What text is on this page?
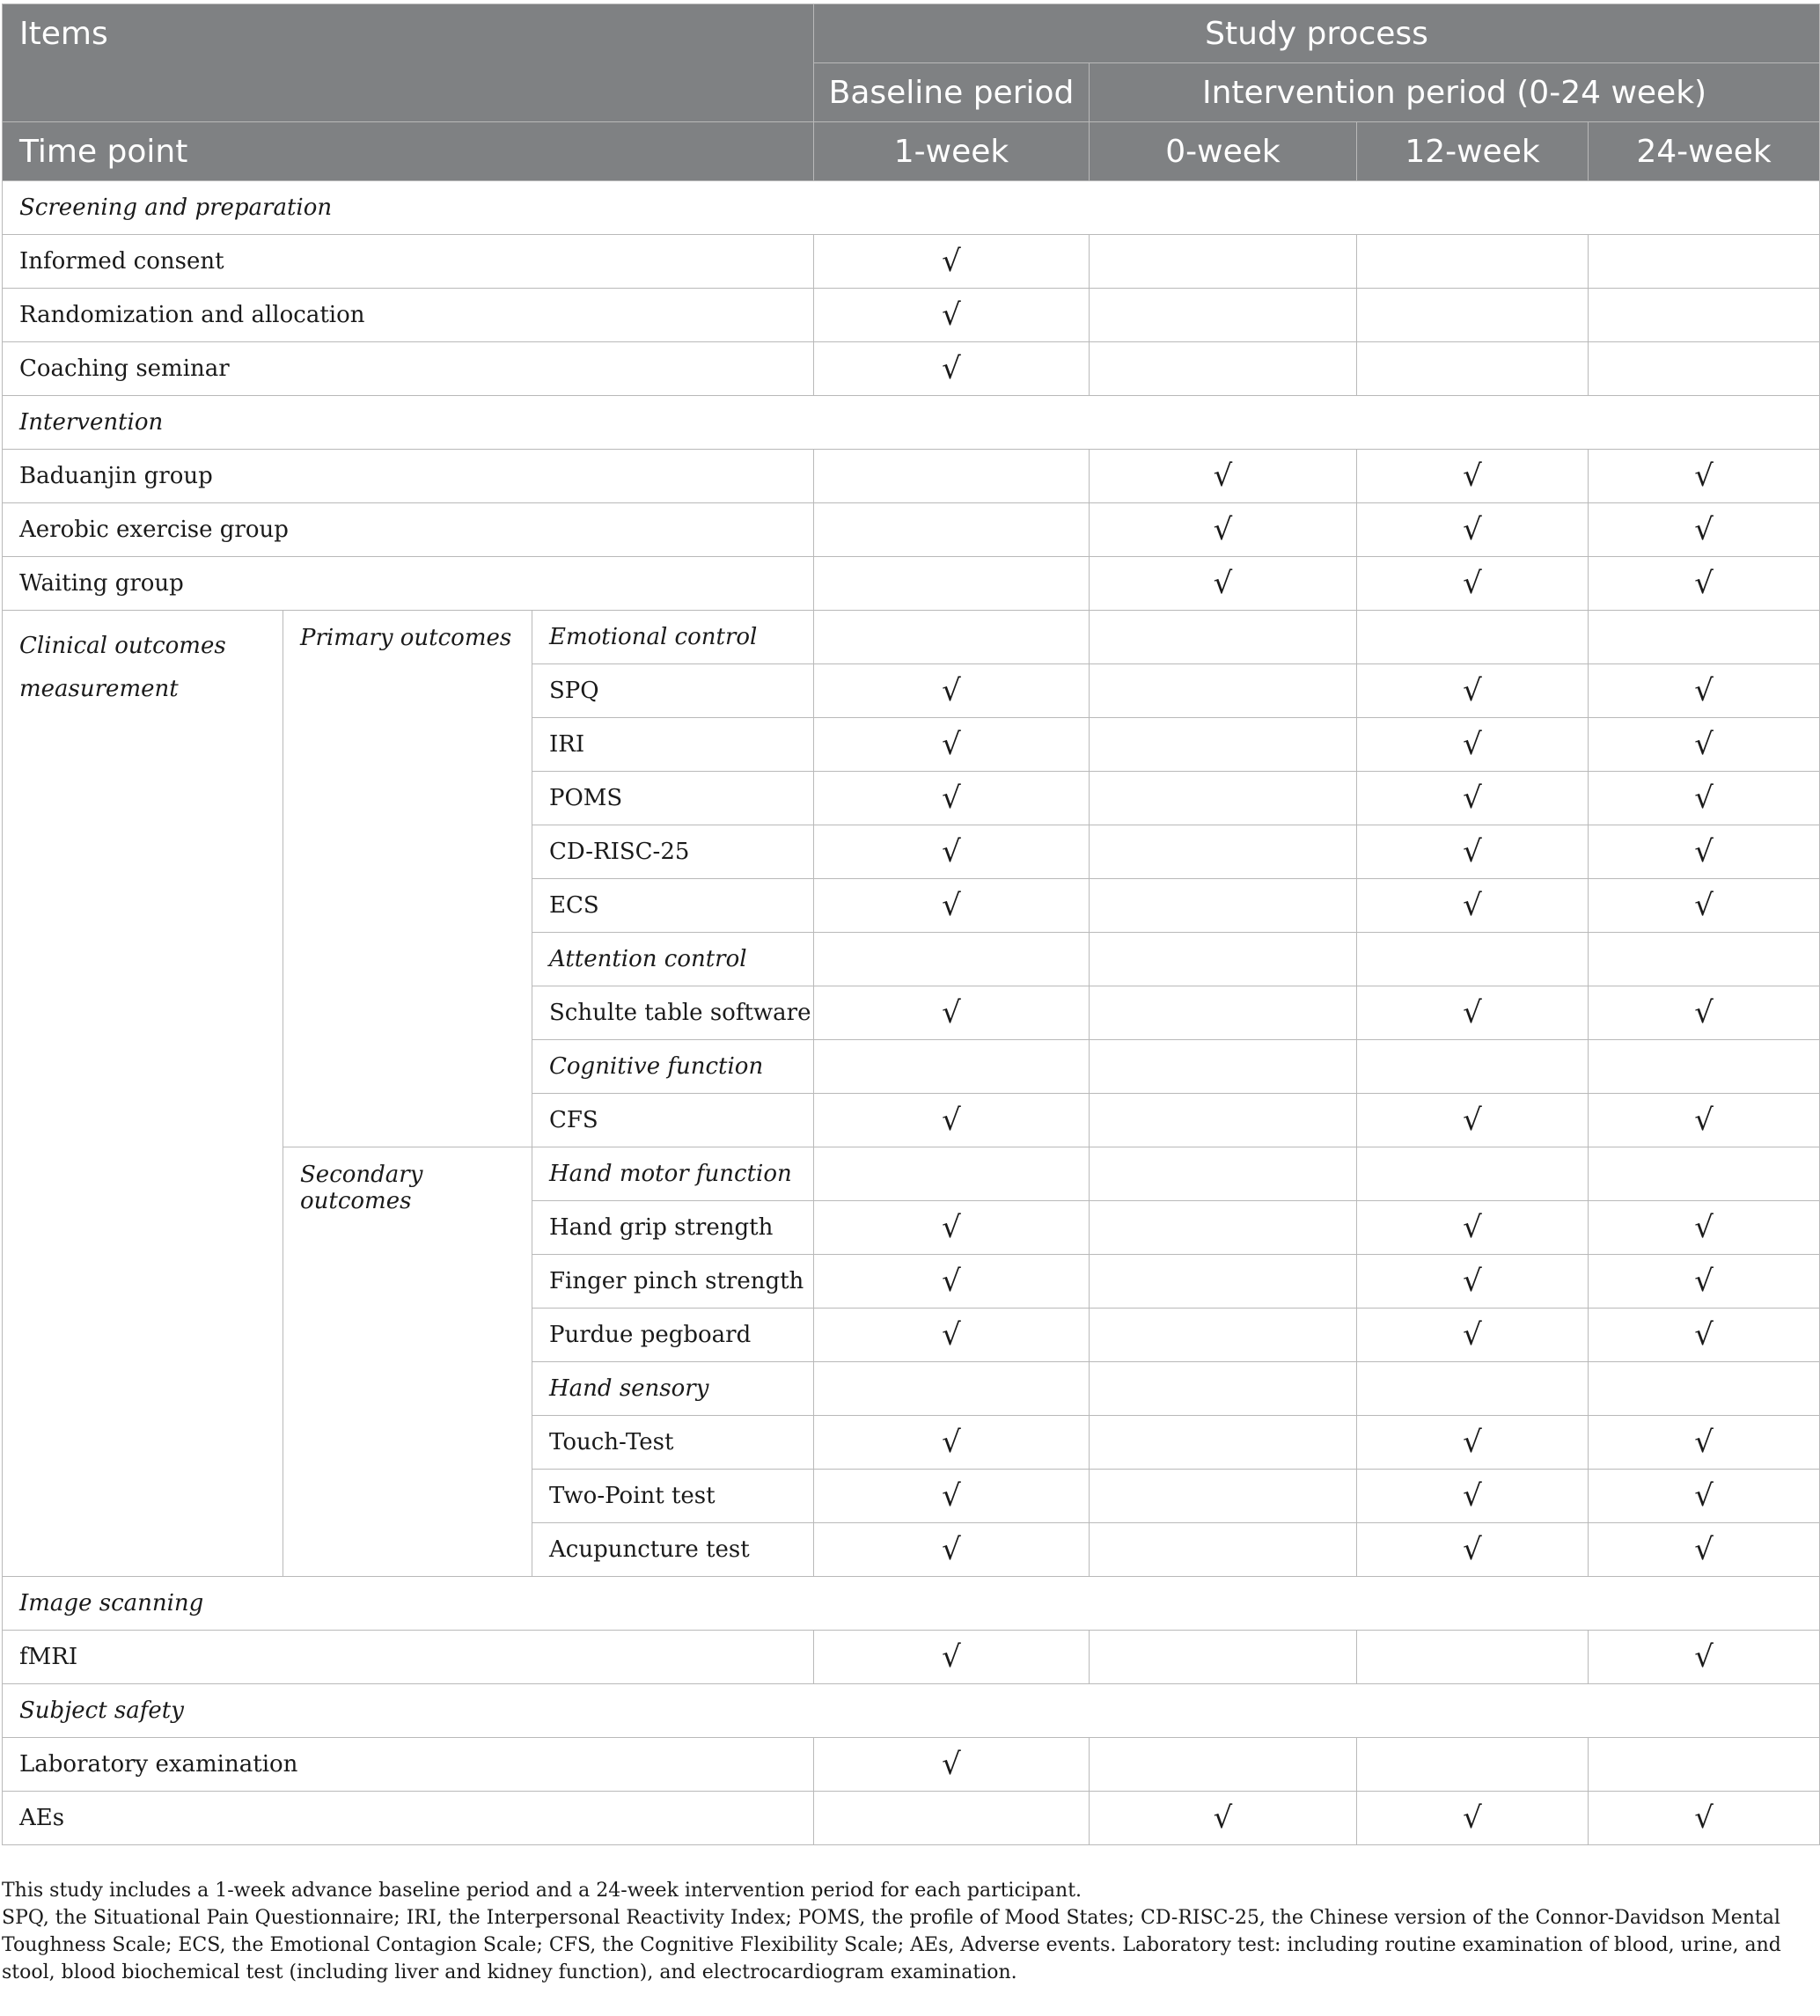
Items			Study process			
			Baseline period	Intervention period (0-24 week)		
Time point			1-week	0-week	12-week	24-week
Screening and preparation						
Informed consent			√			
Randomization and allocation			√			
Coaching seminar			√			
Intervention						
Baduanjin group				√	√	√
Aerobic exercise group				√	√	√
Waiting group				√	√	√
Clinical outcomes measurement	Primary outcomes	Emotional control				
		SPQ	√		√	√
		IRI	√		√	√
		POMS	√		√	√
		CD-RISC-25	√		√	√
		ECS	√		√	√
		Attention control				
		Schulte table software	√		√	√
		Cognitive function				
		CFS	√		√	√
	Secondary outcomes	Hand motor function				
		Hand grip strength	√		√	√
		Finger pinch strength	√		√	√
		Purdue pegboard	√		√	√
		Hand sensory				
		Touch-Test	√		√	√
		Two-Point test	√		√	√
		Acupuncture test	√		√	√
Image scanning						
fMRI			√			√
Subject safety						
Laboratory examination			√			
AEs				√	√	√

This study includes a 1-week advance baseline period and a 24-week intervention period for each participant.

SPQ, the Situational Pain Questionnaire; IRI, the Interpersonal Reactivity Index; POMS, the profile of Mood States; CD-RISC-25, the Chinese version of the Connor-Davidson Mental Toughness Scale; ECS, the Emotional Contagion Scale; CFS, the Cognitive Flexibility Scale; AEs, Adverse events. Laboratory test: including routine examination of blood, urine, and stool, blood biochemical test (including liver and kidney function), and electrocardiogram examination.
